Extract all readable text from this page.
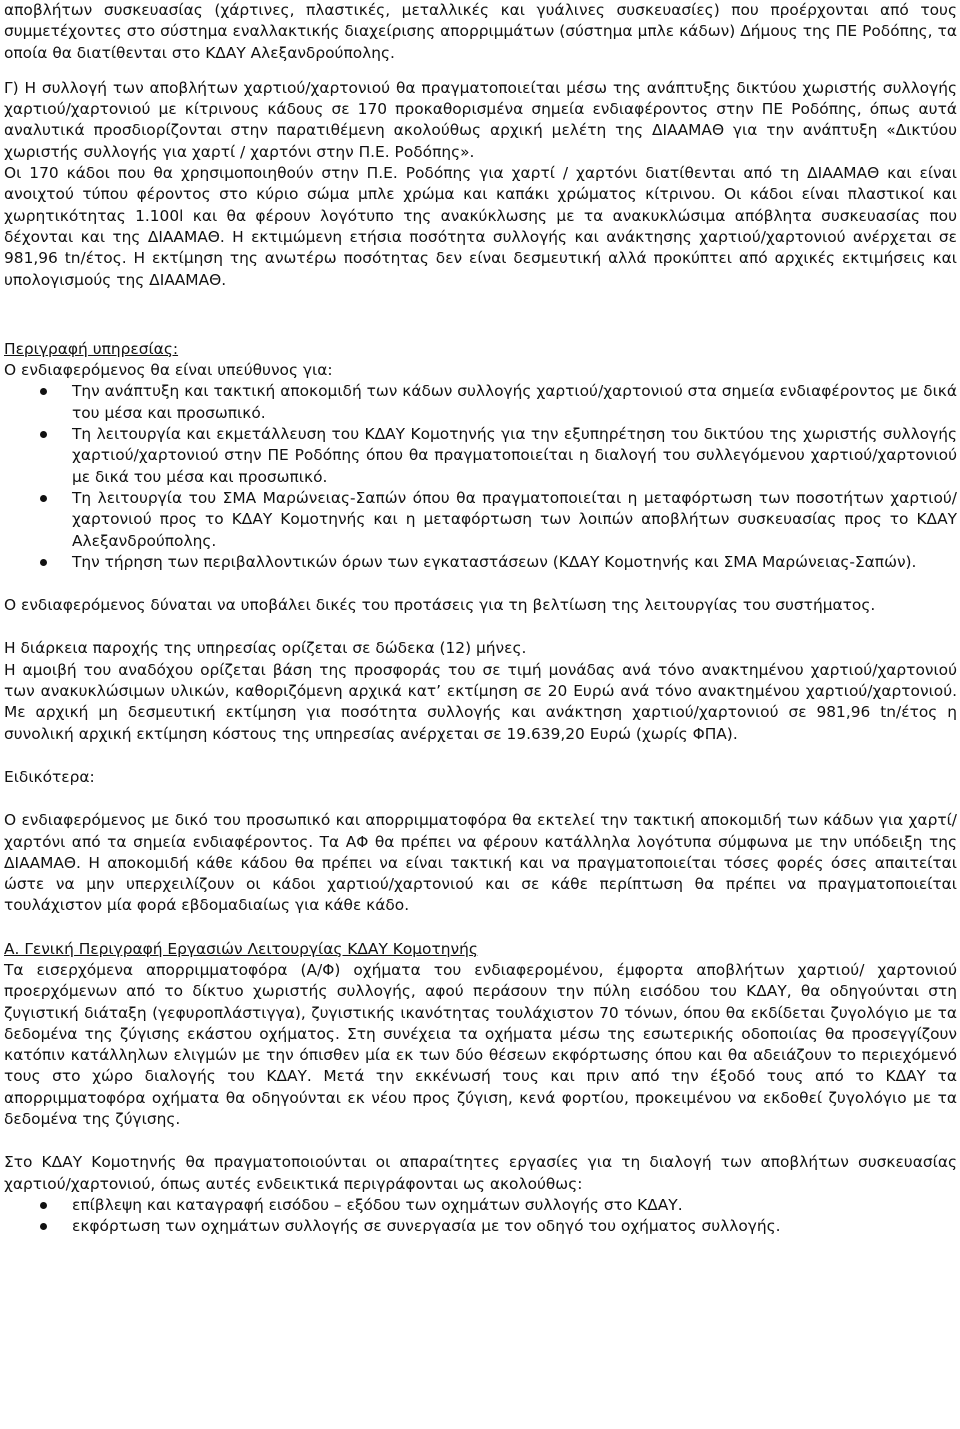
αποβλήτων συσκευασίας (χάρτινες, πλαστικές, μεταλλικές και γυάλινες συσκευασίες) που προέρχονται από τους συμμετέχοντες στο σύστημα εναλλακτικής διαχείρισης απορριμμάτων (σύστημα μπλε κάδων) Δήμους της ΠΕ Ροδόπης, τα οποία θα διατίθενται στο ΚΔΑΥ Αλεξανδρούπολης.

Γ) Η συλλογή των αποβλήτων χαρτιού/χαρτονιού θα πραγματοποιείται μέσω της ανάπτυξης δικτύου χωριστής συλλογής χαρτιού/χαρτονιού με κίτρινους κάδους σε 170 προκαθορισμένα σημεία ενδιαφέροντος στην ΠΕ Ροδόπης, όπως αυτά αναλυτικά προσδιορίζονται στην παρατιθέμενη ακολούθως αρχική μελέτη της ΔΙΑΑΜΑΘ για την ανάπτυξη «Δικτύου χωριστής συλλογής για χαρτί / χαρτόνι στην Π.Ε. Ροδόπης».

Οι 170 κάδοι που θα χρησιμοποιηθούν στην Π.Ε. Ροδόπης για χαρτί / χαρτόνι διατίθενται από τη ΔΙΑΑΜΑΘ και είναι ανοιχτού τύπου φέροντος στο κύριο σώμα μπλε χρώμα και καπάκι χρώματος κίτρινου. Οι κάδοι είναι πλαστικοί και χωρητικότητας 1.100l και θα φέρουν λογότυπο της ανακύκλωσης με τα ανακυκλώσιμα απόβλητα συσκευασίας που δέχονται και της ΔΙΑΑΜΑΘ. Η εκτιμώμενη ετήσια ποσότητα συλλογής και ανάκτησης χαρτιού/χαρτονιού ανέρχεται σε 981,96 tn/έτος. Η εκτίμηση της ανωτέρω ποσότητας δεν είναι δεσμευτική αλλά προκύπτει από αρχικές εκτιμήσεις και υπολογισμούς της ΔΙΑΑΜΑΘ.

Περιγραφή υπηρεσίας:

Ο ενδιαφερόμενος θα είναι υπεύθυνος για:

Την ανάπτυξη και τακτική αποκομιδή των κάδων συλλογής χαρτιού/χαρτονιού στα σημεία ενδιαφέροντος με δικά του μέσα και προσωπικό.
Τη λειτουργία και εκμετάλλευση του ΚΔΑΥ Κομοτηνής για την εξυπηρέτηση του δικτύου της χωριστής συλλογής χαρτιού/χαρτονιού στην ΠΕ Ροδόπης όπου θα πραγματοποιείται η διαλογή του συλλεγόμενου χαρτιού/χαρτονιού με δικά του μέσα και προσωπικό.
Τη λειτουργία του ΣΜΑ Μαρώνειας-Σαπών όπου θα πραγματοποιείται η μεταφόρτωση των ποσοτήτων χαρτιού/χαρτονιού προς το ΚΔΑΥ Κομοτηνής και η μεταφόρτωση των λοιπών αποβλήτων συσκευασίας προς το ΚΔΑΥ Αλεξανδρούπολης.
Την τήρηση των περιβαλλοντικών όρων των εγκαταστάσεων (ΚΔΑΥ Κομοτηνής και ΣΜΑ Μαρώνειας-Σαπών).

Ο ενδιαφερόμενος δύναται να υποβάλει δικές του προτάσεις για τη βελτίωση της λειτουργίας του συστήματος.

Η διάρκεια παροχής της υπηρεσίας ορίζεται σε δώδεκα (12) μήνες.

Η αμοιβή του αναδόχου ορίζεται βάση της προσφοράς του σε τιμή μονάδας ανά τόνο ανακτημένου χαρτιού/χαρτονιού των ανακυκλώσιμων υλικών, καθοριζόμενη αρχικά κατ’ εκτίμηση σε 20 Ευρώ ανά τόνο ανακτημένου χαρτιού/χαρτονιού. Με αρχική μη δεσμευτική εκτίμηση για ποσότητα συλλογής και ανάκτηση χαρτιού/χαρτονιού σε 981,96 tn/έτος η συνολική αρχική εκτίμηση κόστους της υπηρεσίας ανέρχεται σε 19.639,20 Ευρώ (χωρίς ΦΠΑ).

Ειδικότερα:

Ο ενδιαφερόμενος με δικό του προσωπικό και απορριμματοφόρα θα εκτελεί την τακτική αποκομιδή των κάδων για χαρτί/χαρτόνι από τα σημεία ενδιαφέροντος. Τα ΑΦ θα πρέπει να φέρουν κατάλληλα λογότυπα σύμφωνα με την υπόδειξη της ΔΙΑΑΜΑΘ. Η αποκομιδή κάθε κάδου θα πρέπει να είναι τακτική και να πραγματοποιείται τόσες φορές όσες απαιτείται ώστε να μην υπερχειλίζουν οι κάδοι χαρτιού/χαρτονιού και σε κάθε περίπτωση θα πρέπει να πραγματοποιείται τουλάχιστον μία φορά εβδομαδιαίως για κάθε κάδο.

Α. Γενική Περιγραφή Εργασιών Λειτουργίας ΚΔΑΥ Κομοτηνής

Τα εισερχόμενα απορριμματοφόρα (Α/Φ) οχήματα του ενδιαφερομένου, έμφορτα αποβλήτων χαρτιού/ χαρτονιού προερχόμενων από το δίκτυο χωριστής συλλογής, αφού περάσουν την πύλη εισόδου του ΚΔΑΥ, θα οδηγούνται στη ζυγιστική διάταξη (γεφυροπλάστιγγα), ζυγιστικής ικανότητας τουλάχιστον 70 τόνων, όπου θα εκδίδεται ζυγολόγιο με τα δεδομένα της ζύγισης εκάστου οχήματος. Στη συνέχεια τα οχήματα μέσω της εσωτερικής οδοποιίας θα προσεγγίζουν κατόπιν κατάλληλων ελιγμών με την όπισθεν μία εκ των δύο θέσεων εκφόρτωσης όπου και θα αδειάζουν το περιεχόμενό τους στο χώρο διαλογής του ΚΔΑΥ. Μετά την εκκένωσή τους και πριν από την έξοδό τους από το ΚΔΑΥ τα απορριμματοφόρα οχήματα θα οδηγούνται εκ νέου προς ζύγιση, κενά φορτίου, προκειμένου να εκδοθεί ζυγολόγιο με τα δεδομένα της ζύγισης.

Στο ΚΔΑΥ Κομοτηνής θα πραγματοποιούνται οι απαραίτητες εργασίες για τη διαλογή των αποβλήτων συσκευασίας χαρτιού/χαρτονιού, όπως αυτές ενδεικτικά περιγράφονται ως ακολούθως:

επίβλεψη και καταγραφή εισόδου – εξόδου των οχημάτων συλλογής στο ΚΔΑΥ.
εκφόρτωση των οχημάτων συλλογής σε συνεργασία με τον οδηγό του οχήματος συλλογής.
